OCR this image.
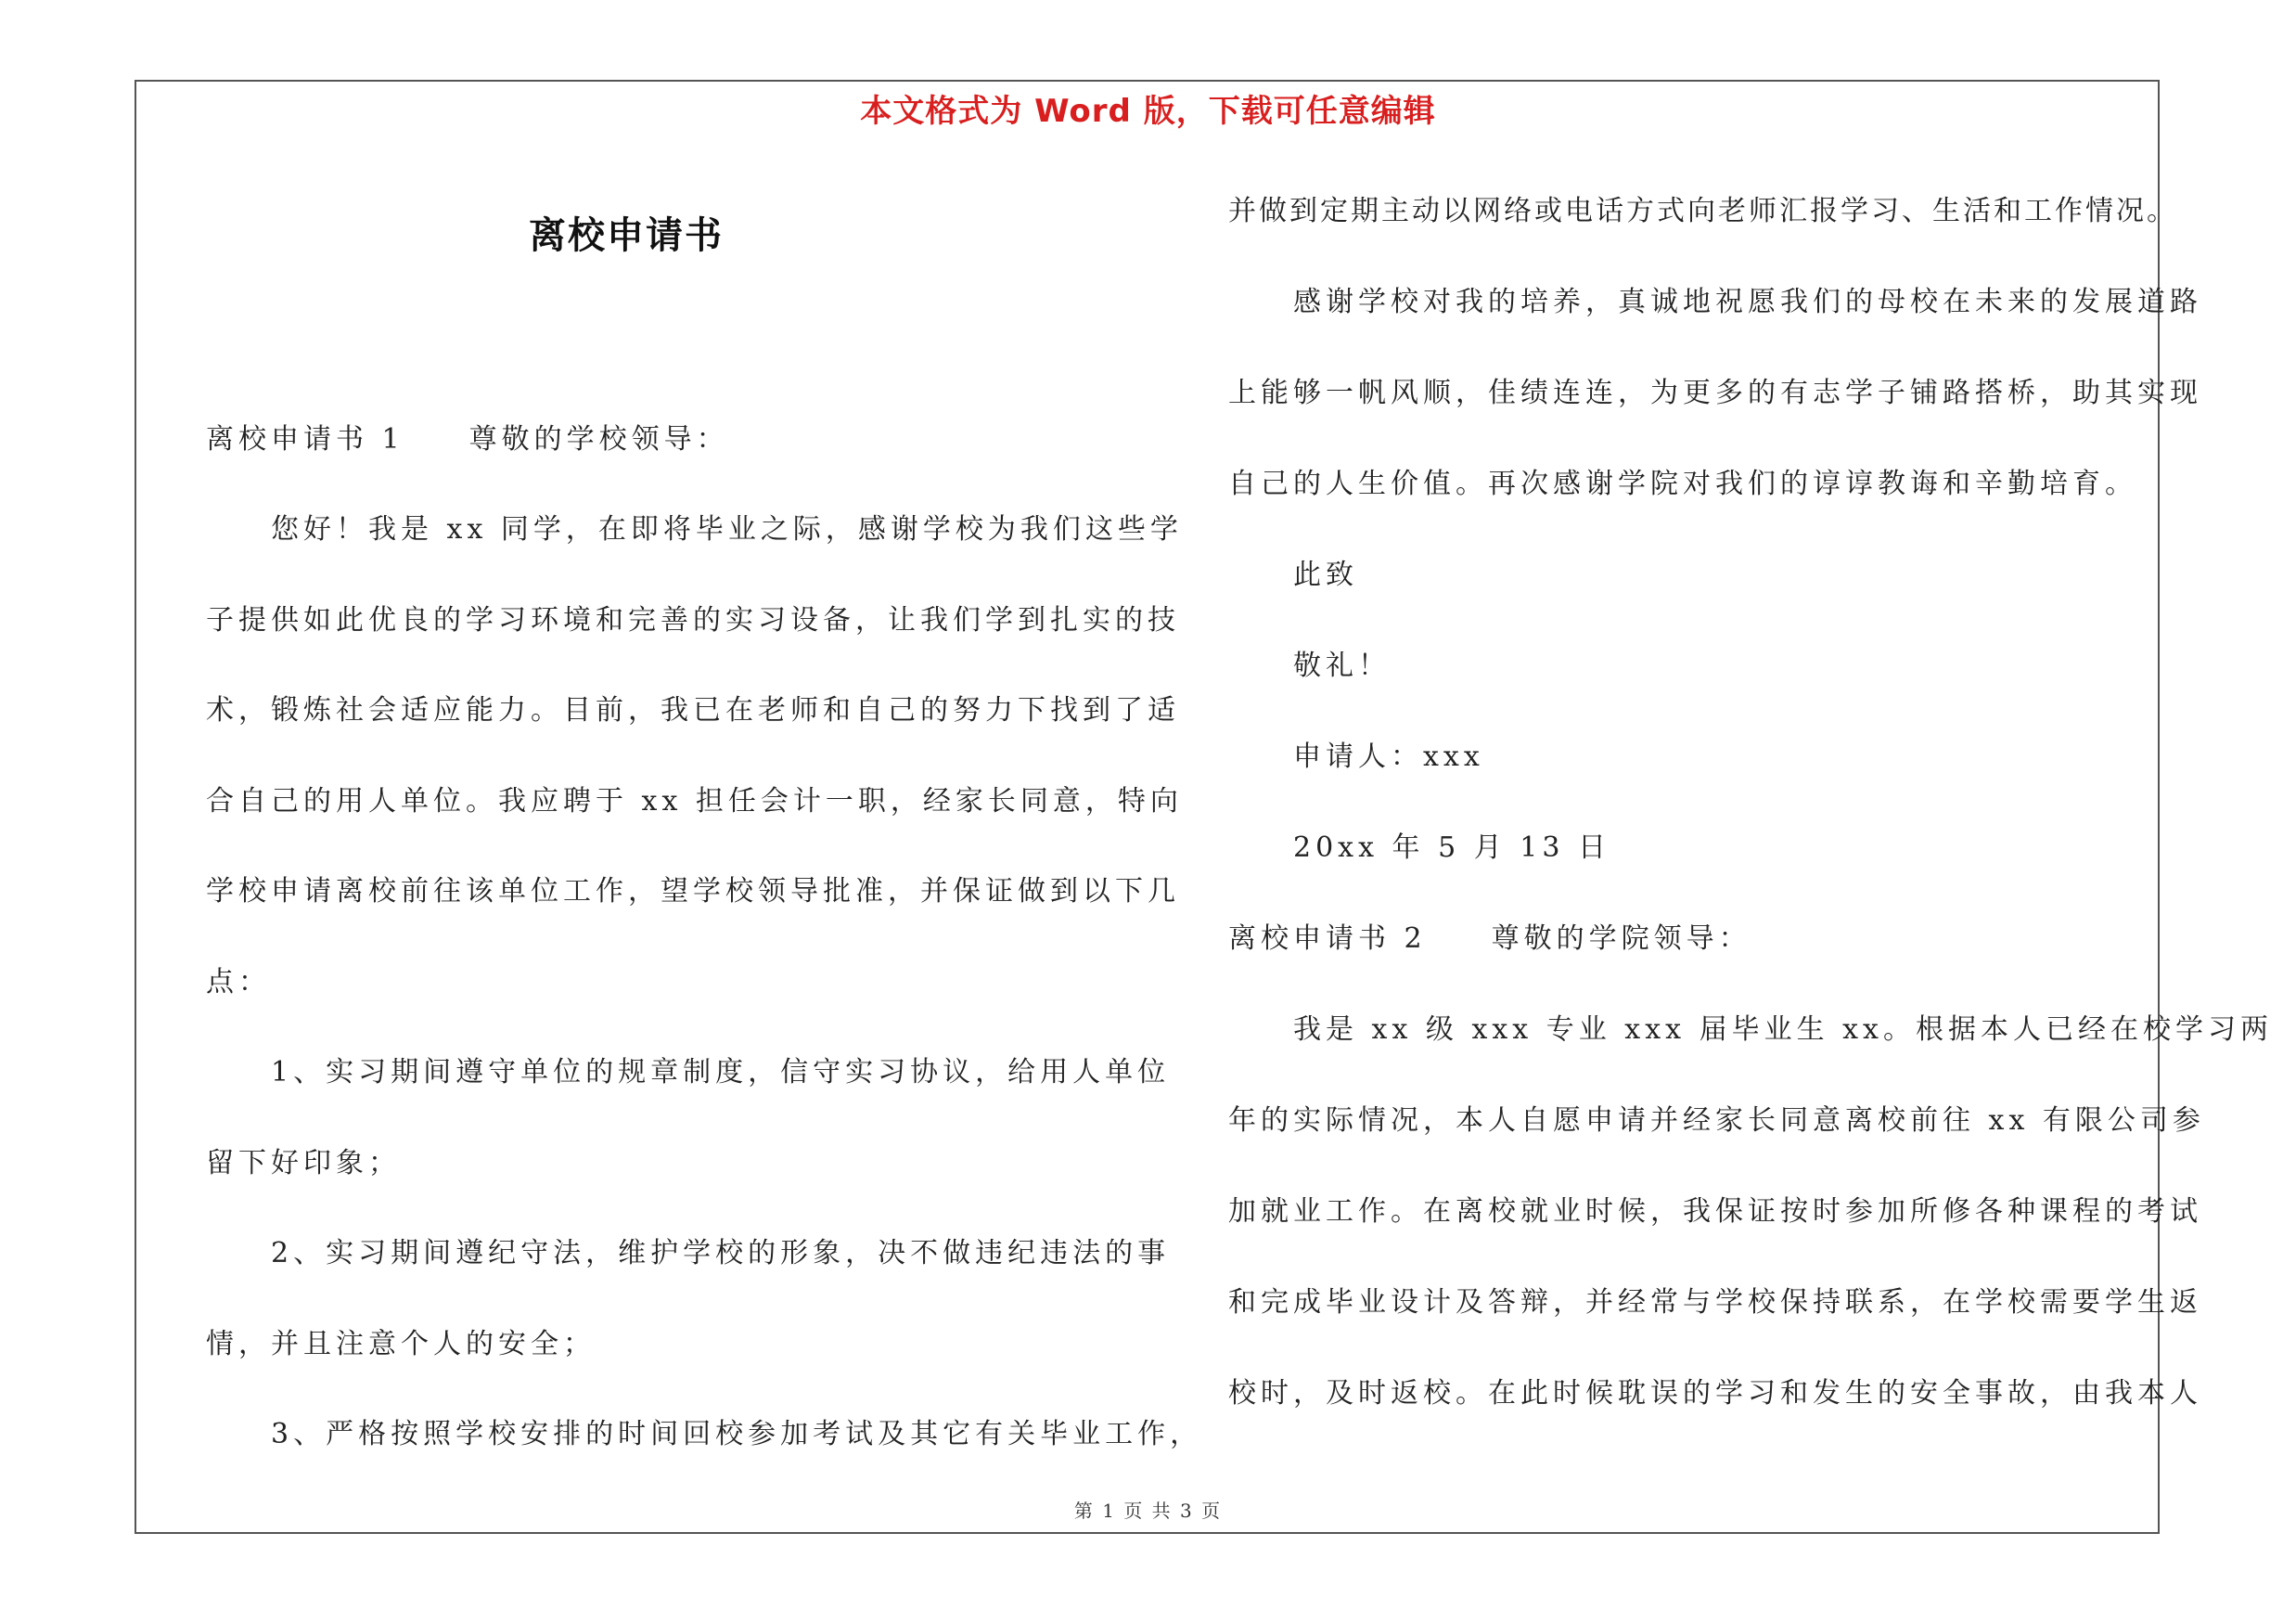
本文格式为 Word 版，下载可任意编辑
离校申请书
离校申请书 1　　尊敬的学校领导：
　　您好！我是 xx 同学，在即将毕业之际，感谢学校为我们这些学
子提供如此优良的学习环境和完善的实习设备，让我们学到扎实的技
术，锻炼社会适应能力。目前，我已在老师和自己的努力下找到了适
合自己的用人单位。我应聘于 xx 担任会计一职，经家长同意，特向
学校申请离校前往该单位工作，望学校领导批准，并保证做到以下几
点：
　　1、实习期间遵守单位的规章制度，信守实习协议，给用人单位
留下好印象；
　　2、实习期间遵纪守法，维护学校的形象，决不做违纪违法的事
情，并且注意个人的安全；
　　3、严格按照学校安排的时间回校参加考试及其它有关毕业工作，
并做到定期主动以网络或电话方式向老师汇报学习、生活和工作情况。
　　感谢学校对我的培养，真诚地祝愿我们的母校在未来的发展道路
上能够一帆风顺，佳绩连连，为更多的有志学子铺路搭桥，助其实现
自己的人生价值。再次感谢学院对我们的谆谆教诲和辛勤培育。
　　此致
　　敬礼！
　　申请人：xxx
　　20xx 年 5 月 13 日
离校申请书 2　　尊敬的学院领导：
　　我是 xx 级 xxx 专业 xxx 届毕业生 xx。根据本人已经在校学习两
年的实际情况，本人自愿申请并经家长同意离校前往 xx 有限公司参
加就业工作。在离校就业时候，我保证按时参加所修各种课程的考试
和完成毕业设计及答辩，并经常与学校保持联系，在学校需要学生返
校时，及时返校。在此时候耽误的学习和发生的安全事故，由我本人
第 1 页 共 3 页
